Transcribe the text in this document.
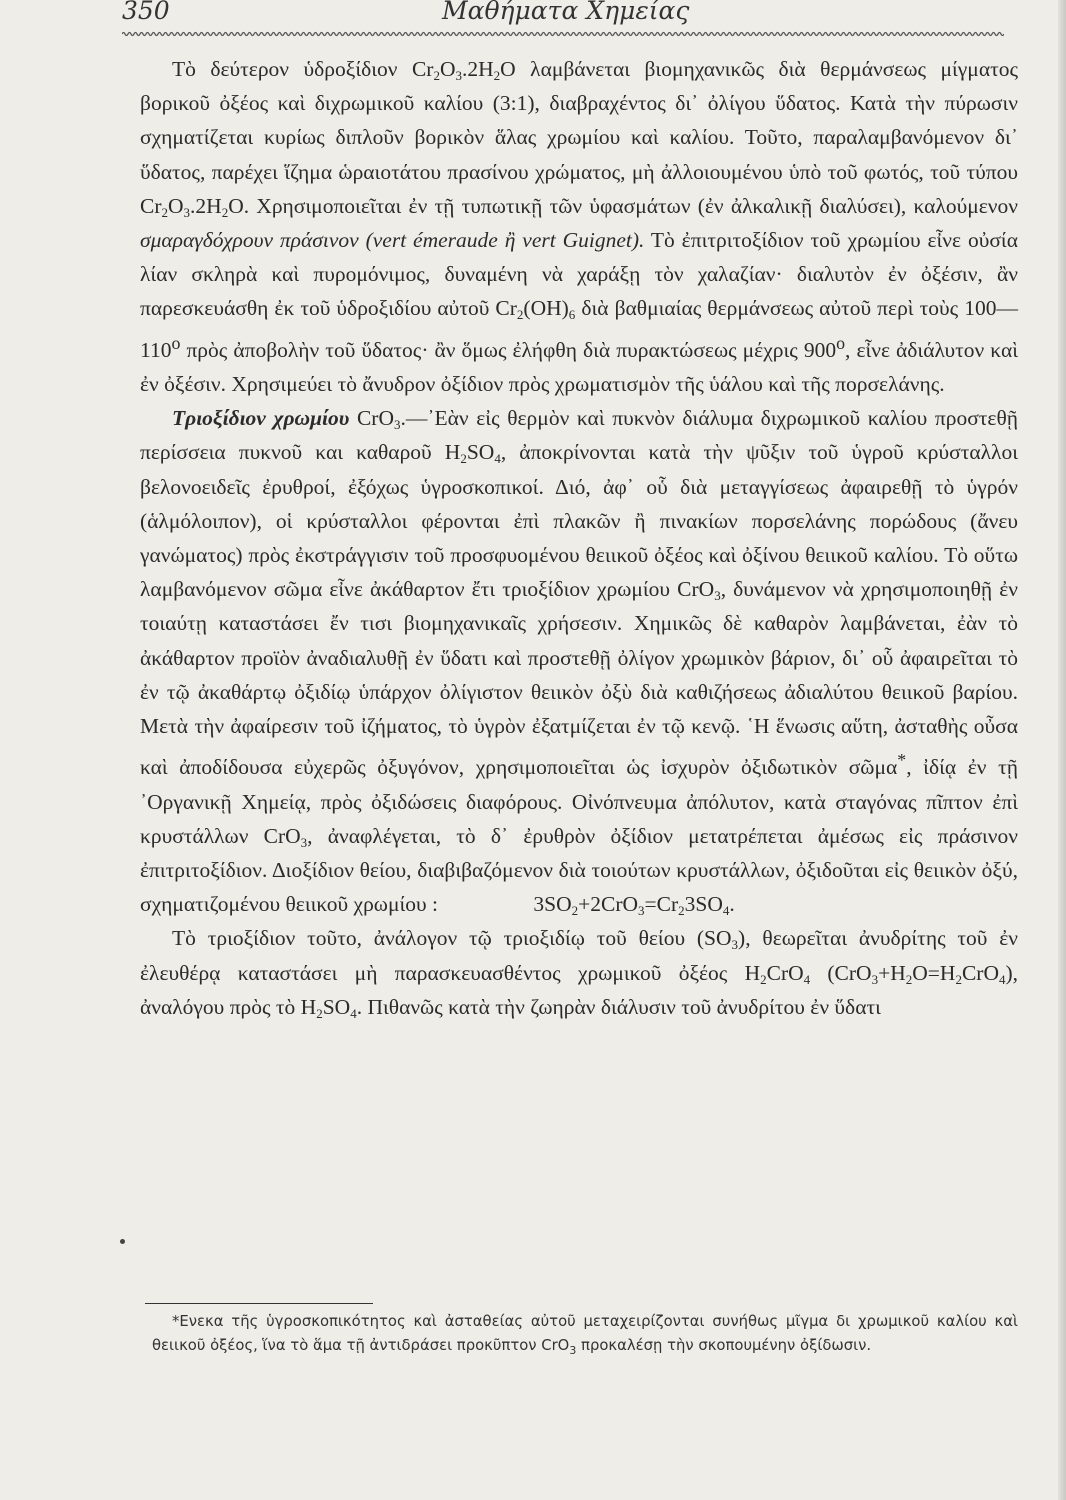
350	Μαθήματα Χημείας

Τὸ δεύτερον ὑδροξίδιον $Cr_2O_3.2H_2O$ λαμβάνεται βιομηχανικῶς διὰ θερμάνσεως μίγματος βορικοῦ ὀξέος καὶ διχρωμικοῦ καλίου (3:1), διαβραχέντος δι᾽ ὀλίγου ὕδατος. Κατὰ τὴν πύρωσιν σχηματίζεται κυρίως διπλοῦν βορικὸν ἅλας χρωμίου καὶ καλίου. Τοῦτο, παραλαμβανόμενον δι᾽ ὕδατος, παρέχει ἵζημα ὡραιοτάτου πρασίνου χρώματος, μὴ ἀλλοιουμένου ὑπὸ τοῦ φωτός, τοῦ τύπου $Cr_2O_3.2H_2O$. Χρησιμοποιεῖται ἐν τῇ τυπωτικῇ τῶν ὑφασμάτων (ἐν ἀλκαλικῇ διαλύσει), καλούμενον σμαραγδόχρουν πράσινον (vert émeraude ἢ vert Guignet). Τὸ ἐπιτριτοξίδιον τοῦ χρωμίου εἶνε οὐσία λίαν σκληρὰ καὶ πυρομόνιμος, δυναμένη νὰ χαράξῃ τὸν χαλαζίαν· διαλυτὸν ἐν ὀξέσιν, ἂν παρεσκευάσθη ἐκ τοῦ ὑδροξιδίου αὐτοῦ $Cr_2(OH)_6$ διὰ βαθμιαίας θερμάνσεως αὐτοῦ περὶ τοὺς $100—110^o$ πρὸς ἀποβολὴν τοῦ ὕδατος· ἂν ὅμως ἐλήφθη διὰ πυρακτώσεως μέχρις $900^o$, εἶνε ἀδιάλυτον καὶ ἐν ὀξέσιν. Χρησιμεύει τὸ ἄνυδρον ὀξίδιον πρὸς χρωματισμὸν τῆς ὑάλου καὶ τῆς πορσελάνης.

Τριοξίδιον χρωμίου CrO$_3$.—᾽Εὰν εἰς θερμὸν καὶ πυκνὸν διάλυμα διχρωμικοῦ καλίου προστεθῇ περίσσεια πυκνοῦ και καθαροῦ $H_2SO_4$, ἀποκρίνονται κατὰ τὴν ψῦξιν τοῦ ὑγροῦ κρύσταλλοι βελονοειδεῖς ἐρυθροί, ἐξόχως ὑγροσκοπικοί. Διό, ἀφ᾽ οὗ διὰ μεταγγίσεως ἀφαιρεθῇ τὸ ὑγρόν (ἁλμόλοιπον), οἱ κρύσταλλοι φέρονται ἐπὶ πλακῶν ἢ πινακίων πορσελάνης πορώδους (ἄνευ γανώματος) πρὸς ἐκστράγγισιν τοῦ προσφυομένου θειικοῦ ὀξέος καὶ ὀξίνου θειικοῦ καλίου. Τὸ οὕτω λαμβανόμενον σῶμα εἶνε ἀκάθαρτον ἔτι τριοξίδιον χρωμίου CrO$_3$, δυνάμενον νὰ χρησιμοποιηθῇ ἐν τοιαύτῃ καταστάσει ἔν τισι βιομηχανικαῖς χρήσεσιν. Χημικῶς δὲ καθαρὸν λαμβάνεται, ἐὰν τὸ ἀκάθαρτον προϊὸν ἀναδιαλυθῇ ἐν ὕδατι καὶ προστεθῇ ὀλίγον χρωμικὸν βάριον, δι᾽ οὗ ἀφαιρεῖται τὸ ἐν τῷ ἀκαθάρτῳ ὀξιδίῳ ὑπάρχον ὀλίγιστον θειικὸν ὀξὺ διὰ καθιζήσεως ἀδιαλύτου θειικοῦ βαρίου. Μετὰ τὴν ἀφαίρεσιν τοῦ ἰζήματος, τὸ ὑγρὸν ἐξατμίζεται ἐν τῷ κενῷ. ῾Η ἕνωσις αὕτη, ἀσταθὴς οὖσα καὶ ἀποδίδουσα εὐχερῶς ὀξυγόνον, χρησιμοποιεῖται ὡς ἰσχυρὸν ὀξιδωτικὸν σῶμα*, ἰδίᾳ ἐν τῇ ᾽Οργανικῇ Χημείᾳ, πρὸς ὀξιδώσεις διαφόρους. Οἰνόπνευμα ἀπόλυτον, κατὰ σταγόνας πῖπτον ἐπὶ κρυστάλλων CrO$_3$, ἀναφλέγεται, τὸ δ᾽ ἐρυθρὸν ὀξίδιον μετατρέπεται ἀμέσως εἰς πράσινον ἐπιτριτοξίδιον. Διοξίδιον θείου, διαβιβαζόμενον διὰ τοιούτων κρυστάλλων, ὀξιδοῦται εἰς θειικὸν ὀξύ, σχηματιζομένου θειικοῦ χρωμίου :	$3SO_2+2CrO_3=Cr_23SO_4$.

Τὸ τριοξίδιον τοῦτο, ἀνάλογον τῷ τριοξιδίῳ τοῦ θείου $(SO_3)$, θεωρεῖται ἀνυδρίτης τοῦ ἐν ἐλευθέρᾳ καταστάσει μὴ παρασκευασθέντος χρωμικοῦ ὀξέος $H_2CrO_4$ $(CrO_3+H_2O=H_2CrO_4)$, ἀναλόγου πρὸς τὸ $H_2SO_4$. Πιθανῶς κατὰ τὴν ζωηρὰν διάλυσιν τοῦ ἀνυδρίτου ἐν ὕδατι

*Ενεκα τῆς ὑγροσκοπικότητος καὶ ἀσταθείας αὐτοῦ μεταχειρίζονται συνήθως μῖγμα δι χρωμικοῦ καλίου καὶ θειικοῦ ὀξέος, ἵνα τὸ ἅμα τῇ ἀντιδράσει προκῦπτον CrO$_3$ προκαλέσῃ τὴν σκοπουμένην ὀξίδωσιν.
